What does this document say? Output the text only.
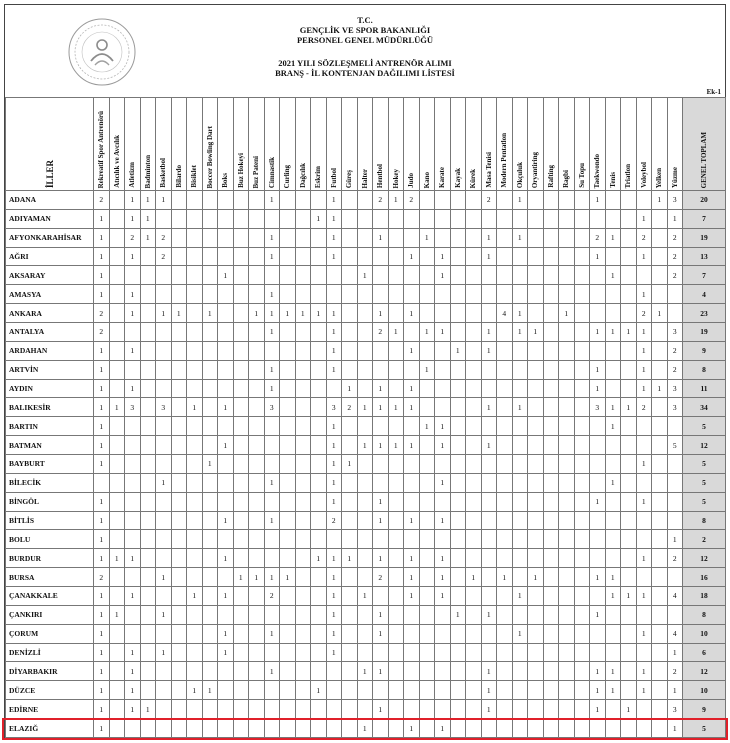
T.C.
GENÇLİK VE SPOR BAKANLIĞI
PERSONEL GENEL MÜDÜRLÜĞÜ
2021 YILI SÖZLEŞMELİ ANTRENÖR ALIMI
BRANŞ - İL KONTENJAN DAĞILIMI LİSTESİ
Ek-1
İLLER	Rekreatif Spor Antrenörü	Atıcılık ve Avcılık	Atletizm	Badminton	Basketbol	Bilardo	Bisiklet	Boccer Bowling Dart	Boks	Buz Hokeyi	Buz Pateni	Cimnastik	Curling	Dağcılık	Eskrim	Futbol	Güreş	Halter	Hentbol	Hokey	Judo	Kano	Karate	Kayak	Kürek	Masa Tenisi	Modern Pentatlon	Okçuluk	Oryantiring	Rafting	Ragbi	Su Topu	Taekwondo	Tenis	Triatlon	Voleybol	Yelken	Yüzme	GENEL TOPLAM
ADANA	2		1	1	1							1				1			2	1	2					2		1					1				1	3	20
ADIYAMAN	1		1	1											1	1																				1		1	7
AFYONKARAHİSAR	1		2	1	2							1				1			1			1				1		1					2	1		2		2	19
AĞRI	1		1		2							1				1					1		1			1							1			1		2	13
AKSARAY	1								1									1					1											1				2	7
AMASYA	1		1									1																								1			4
ANKARA	2		1		1	1		1			1	1	1	1	1	1			1		1						4	1			1					2	1		23
ANTALYA	2											1				1			2	1		1	1			1		1	1				1	1	1	1		3	19
ARDAHAN	1		1													1					1			1		1										1		2	9
ARTVİN	1											1				1						1											1			1		2	8
AYDIN	1		1									1					1		1		1												1			1	1	3	11
BALIKESİR	1	1	3		3		1		1			3				3	2	1	1	1	1					1		1					3	1	1	2		3	34
BARTIN	1															1						1	1											1					5
BATMAN	1								1							1		1	1	1	1		1			1												5	12
BAYBURT	1							1								1	1																			1			5
BİLECİK					1							1				1							1											1					5
BİNGÖL	1															1			1														1			1			5
BİTLİS	1								1			1				2			1		1		1																8
BOLU	1																																					1	2
BURDUR	1	1	1						1						1	1	1		1		1		1													1		2	12
BURSA	2				1					1	1	1	1			1			2		1		1		1		1		1				1	1					16
ÇANAKKALE	1		1				1		1			2				1		1			1		1					1						1	1	1		4	18
ÇANKIRI	1	1			1											1			1					1		1							1						8
ÇORUM	1								1			1				1			1									1								1		4	10
DENİZLİ	1		1		1				1							1																						1	6
DİYARBAKIR	1		1									1						1	1							1							1	1		1		2	12
DÜZCE	1		1				1	1							1											1							1	1		1		1	10
EDİRNE	1		1	1															1							1							1		1			3	9
ELAZIĞ	1																	1			1		1															1	5
